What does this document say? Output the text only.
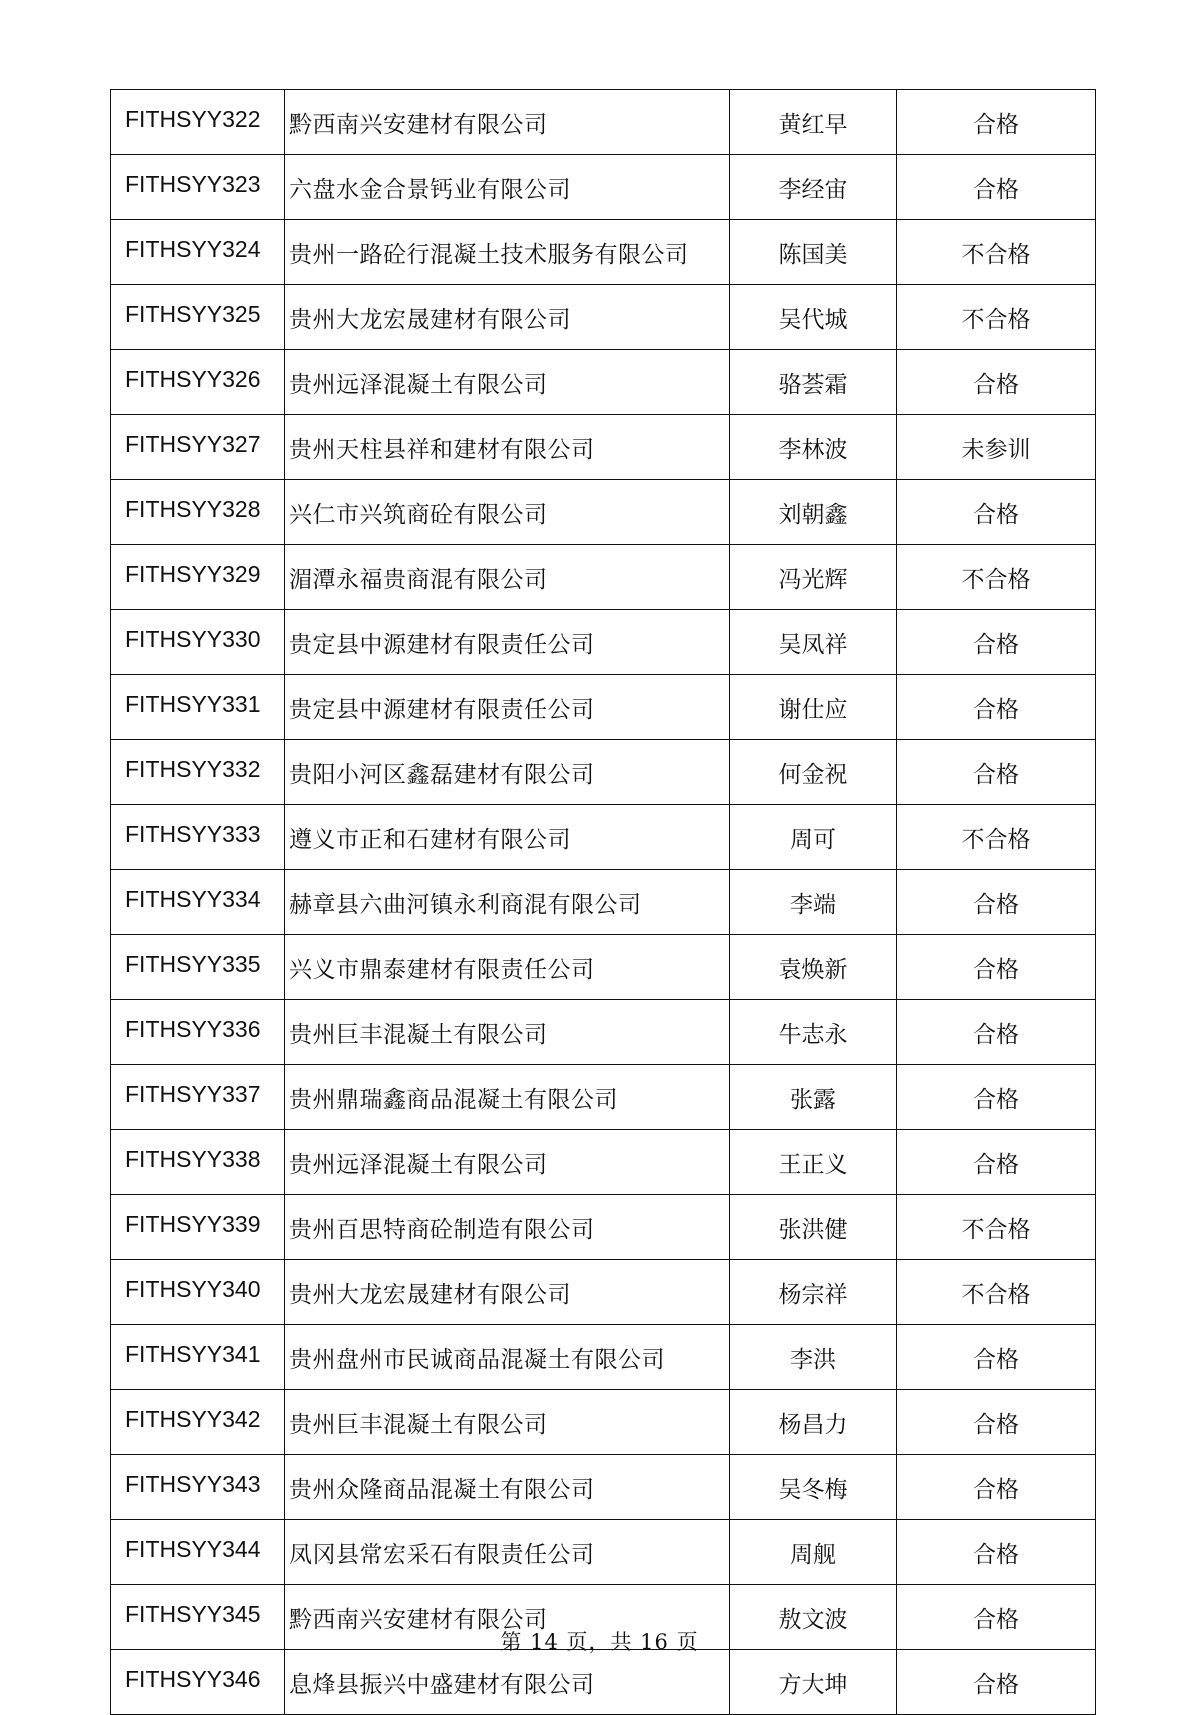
FITHSYY322	黔西南兴安建材有限公司	黄红早	合格
FITHSYY323	六盘水金合景钙业有限公司	李经宙	合格
FITHSYY324	贵州一路砼行混凝土技术服务有限公司	陈国美	不合格
FITHSYY325	贵州大龙宏晟建材有限公司	吴代城	不合格
FITHSYY326	贵州远泽混凝土有限公司	骆荟霜	合格
FITHSYY327	贵州天柱县祥和建材有限公司	李林波	未参训
FITHSYY328	兴仁市兴筑商砼有限公司	刘朝鑫	合格
FITHSYY329	湄潭永福贵商混有限公司	冯光辉	不合格
FITHSYY330	贵定县中源建材有限责任公司	吴凤祥	合格
FITHSYY331	贵定县中源建材有限责任公司	谢仕应	合格
FITHSYY332	贵阳小河区鑫磊建材有限公司	何金祝	合格
FITHSYY333	遵义市正和石建材有限公司	周可	不合格
FITHSYY334	赫章县六曲河镇永利商混有限公司	李端	合格
FITHSYY335	兴义市鼎泰建材有限责任公司	袁焕新	合格
FITHSYY336	贵州巨丰混凝土有限公司	牛志永	合格
FITHSYY337	贵州鼎瑞鑫商品混凝土有限公司	张露	合格
FITHSYY338	贵州远泽混凝土有限公司	王正义	合格
FITHSYY339	贵州百思特商砼制造有限公司	张洪健	不合格
FITHSYY340	贵州大龙宏晟建材有限公司	杨宗祥	不合格
FITHSYY341	贵州盘州市民诚商品混凝土有限公司	李洪	合格
FITHSYY342	贵州巨丰混凝土有限公司	杨昌力	合格
FITHSYY343	贵州众隆商品混凝土有限公司	吴冬梅	合格
FITHSYY344	凤冈县常宏采石有限责任公司	周舰	合格
FITHSYY345	黔西南兴安建材有限公司	敖文波	合格
FITHSYY346	息烽县振兴中盛建材有限公司	方大坤	合格
第 14 页，共 16 页
